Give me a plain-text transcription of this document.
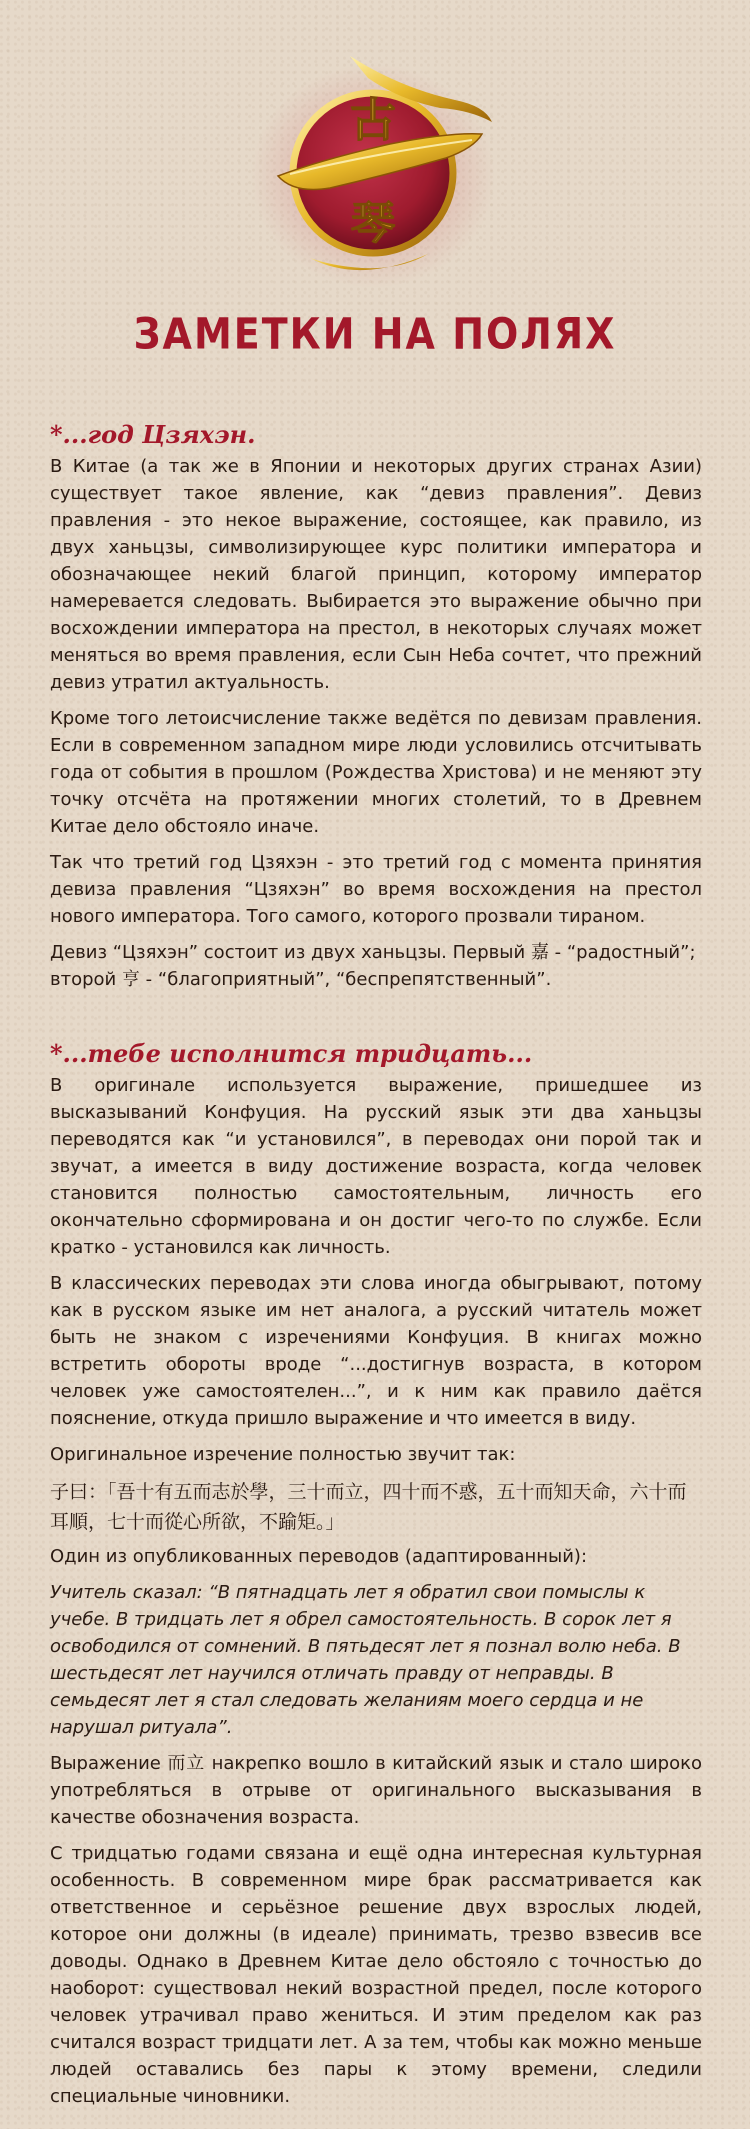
古
琴
ЗАМЕТКИ НА ПОЛЯХ
*...год Цзяхэн.

В Китае (а так же в Японии и некоторых других странах Азии) существует такое явление, как “девиз правления”. Девиз правления - это некое выражение, состоящее, как правило, из двух ханьцзы, символизирующее курс политики императора и обозначающее некий благой принцип, которому император намеревается следовать. Выбирается это выражение обычно при восхождении императора на престол, в некоторых случаях может меняться во время правления, если Сын Неба сочтет, что прежний девиз утратил актуальность.

Кроме того летоисчисление также ведётся по девизам правления. Если в современном западном мире люди условились отсчитывать года от события в прошлом (Рождества Христова) и не меняют эту точку отсчёта на протяжении многих столетий, то в Древнем Китае дело обстояло иначе.

Так что третий год Цзяхэн - это третий год с момента принятия девиза правления “Цзяхэн” во время восхождения на престол нового императора. Того самого, которого прозвали тираном.

Девиз “Цзяхэн” состоит из двух ханьцзы. Первый 嘉 - “радостный”; второй 亨 - “благоприятный”, “беспрепятственный”.

*...тебе исполнится тридцать...

В оригинале используется выражение, пришедшее из высказываний Конфуция. На русский язык эти два ханьцзы переводятся как “и установился”, в переводах они порой так и звучат, а имеется в виду достижение возраста, когда человек становится полностью самостоятельным, личность его окончательно сформирована и он достиг чего-то по службе. Если кратко - установился как личность.

В классических переводах эти слова иногда обыгрывают, потому как в русском языке им нет аналога, а русский читатель может быть не знаком с изречениями Конфуция. В книгах можно встретить обороты вроде “...достигнув возраста, в котором человек уже самостоятелен...”, и к ним как правило даётся пояснение, откуда пришло выражение и что имеется в виду.

Оригинальное изречение полностью звучит так:

子曰：「吾十有五而志於學，三十而立，四十而不惑，五十而知天命，六十而耳順，七十而從心所欲，不踰矩。」

Один из опубликованных переводов (адаптированный):

Учитель сказал: “В пятнадцать лет я обратил свои помыслы к учебе. В тридцать лет я обрел самостоятельность. В сорок лет я освободился от сомнений. В пятьдесят лет я познал волю неба. В шестьдесят лет научился отличать правду от неправды. В семьдесят лет я стал следовать желаниям моего сердца и не нарушал ритуала”.

Выражение 而立 накрепко вошло в китайский язык и стало широко употребляться в отрыве от оригинального высказывания в качестве обозначения возраста.

С тридцатью годами связана и ещё одна интересная культурная особенность. В современном мире брак рассматривается как ответственное и серьёзное решение двух взрослых людей, которое они должны (в идеале) принимать, трезво взвесив все доводы. Однако в Древнем Китае дело обстояло с точностью до наоборот: существовал некий возрастной предел, после которого человек утрачивал право жениться. И этим пределом как раз считался возраст тридцати лет. А за тем, чтобы как можно меньше людей оставались без пары к этому времени, следили специальные чиновники.
